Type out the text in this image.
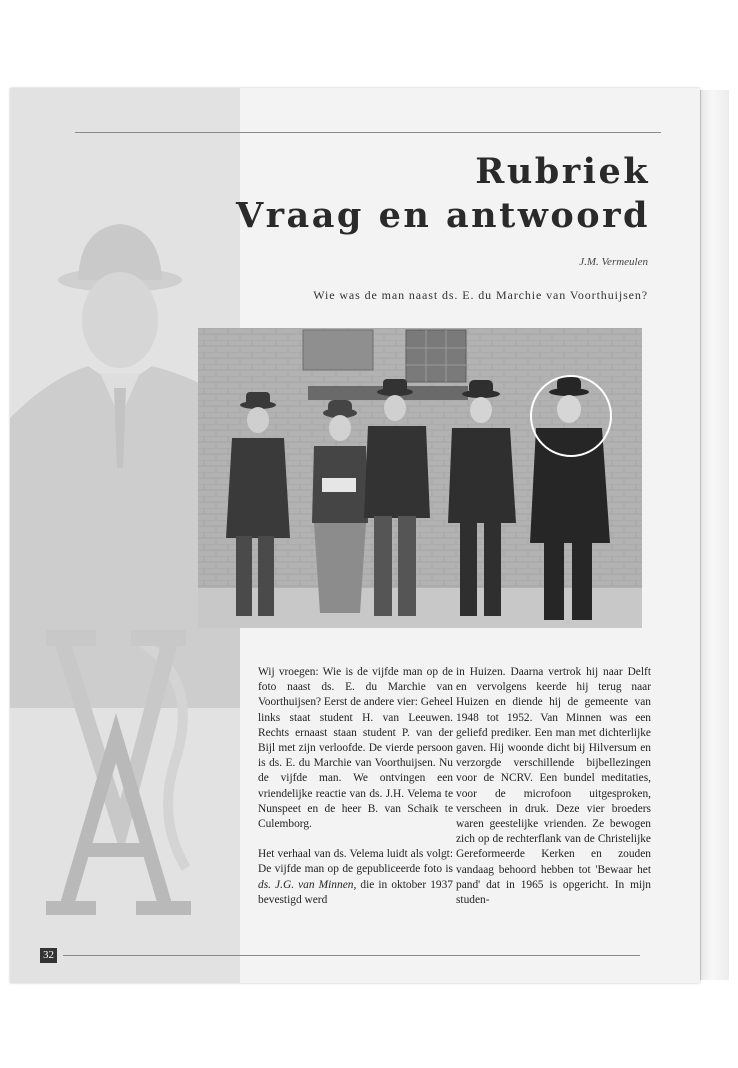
Rubriek
Vraag en antwoord
J.M. Vermeulen
Wie was de man naast ds. E. du Marchie van Voorthuijsen?
VA

Wij vroegen: Wie is de vijfde man op de foto naast ds. E. du Marchie van Voorthuijsen? Eerst de andere vier: Geheel links staat student H. van Leeuwen. Rechts ernaast staan student P. van der Bijl met zijn verloofde. De vierde persoon is ds. E. du Marchie van Voorthuijsen. Nu de vijfde man. We ontvingen een vriendelijke reactie van ds. J.H. Velema te Nunspeet en de heer B. van Schaik te Culemborg.

Het verhaal van ds. Velema luidt als volgt: De vijfde man op de gepubliceerde foto is ds. J.G. van Minnen, die in oktober 1937 bevestigd werd

in Huizen. Daarna vertrok hij naar Delft en vervolgens keerde hij terug naar Huizen en diende hij de gemeente van 1948 tot 1952. Van Minnen was een geliefd prediker. Een man met dichterlijke gaven. Hij woonde dicht bij Hilversum en verzorgde verschillende bijbellezingen voor de NCRV. Een bundel meditaties, voor de microfoon uitgesproken, verscheen in druk. Deze vier broeders waren geestelijke vrienden. Ze bewogen zich op de rechterflank van de Christelijke Gereformeerde Kerken en zouden vandaag behoord hebben tot 'Bewaar het pand' dat in 1965 is opgericht. In mijn studen-

32
